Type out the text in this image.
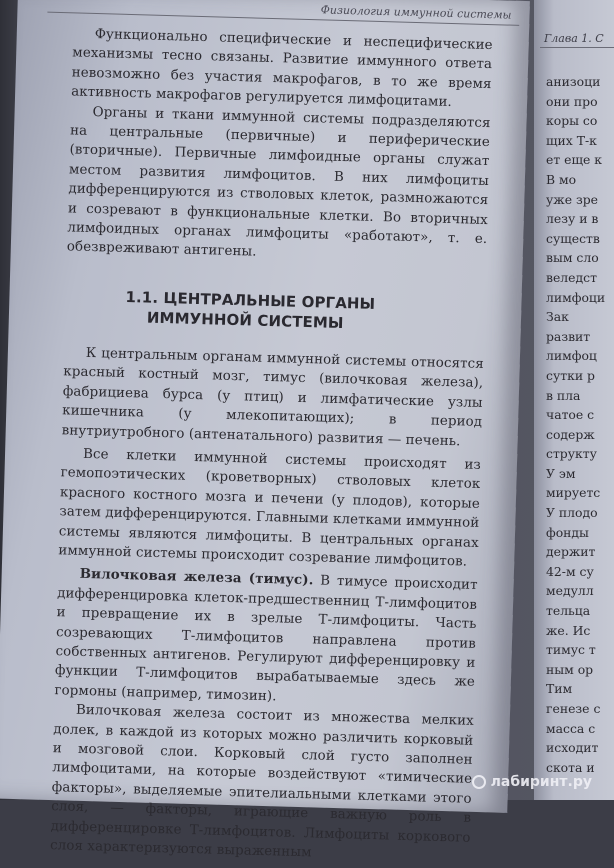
Физиология иммунной системы

Функционально специфические и неспецифические механизмы тесно связаны. Развитие иммунного ответа невозможно без участия макрофагов, в то же время активность макрофагов регулируется лимфоцитами.

Органы и ткани иммунной системы подразделяются на центральные (первичные) и периферические (вторичные). Первичные лимфоидные органы служат местом развития лимфоцитов. В них лимфоциты дифференцируются из стволовых клеток, размножаются и созревают в функциональные клетки. Во вторичных лимфоидных органах лимфоциты «работают», т. е. обезвреживают антигены.

1.1. ЦЕНТРАЛЬНЫЕ ОРГАНЫ
ИММУННОЙ СИСТЕМЫ

К центральным органам иммунной системы относятся красный костный мозг, тимус (вилочковая железа), фабрициева бурса (у птиц) и лимфатические узлы кишечника (у млекопитающих); в период внутриутробного (антенатального) развития — печень.

Все клетки иммунной системы происходят из гемопоэтических (кроветворных) стволовых клеток красного костного мозга и печени (у плодов), которые затем дифференцируются. Главными клетками иммунной системы являются лимфоциты. В центральных органах иммунной системы происходит созревание лимфоцитов.

Вилочковая железа (тимус). В тимусе происходит дифференцировка клеток-предшественниц Т-лимфоцитов и превращение их в зрелые Т-лимфоциты. Часть созревающих Т-лимфоцитов направлена против собственных антигенов. Регулируют дифференцировку и функции Т-лимфоцитов вырабатываемые здесь же гормоны (например, тимозин).

Вилочковая железа состоит из множества мелких долек, в каждой из которых можно различить корковый и мозговой слои. Корковый слой густо заполнен лимфоцитами, на которые воздействуют «тимические факторы», выделяемые эпителиальными клетками этого слоя, — факторы, играющие важную роль в дифференцировке Т-лимфоцитов. Лимфоциты коркового слоя характеризуются выраженным

Глава 1. С
анизоци
они про
коры со
щих Т-к
ет еще к
В мо
уже зре
лезу и в
существ
вым сло
веледст
лимфоци
Зак
развит
лимфоц
сутки р
в пла
чатое с
содерж
структу
У эм
мируетс
У плодо
фонды
держит
42-м су
медулл
тельца
же. Ис
тимус т
ным ор
Тим
генезе с
масса с
исходит
скота и
лабиринт.ру
